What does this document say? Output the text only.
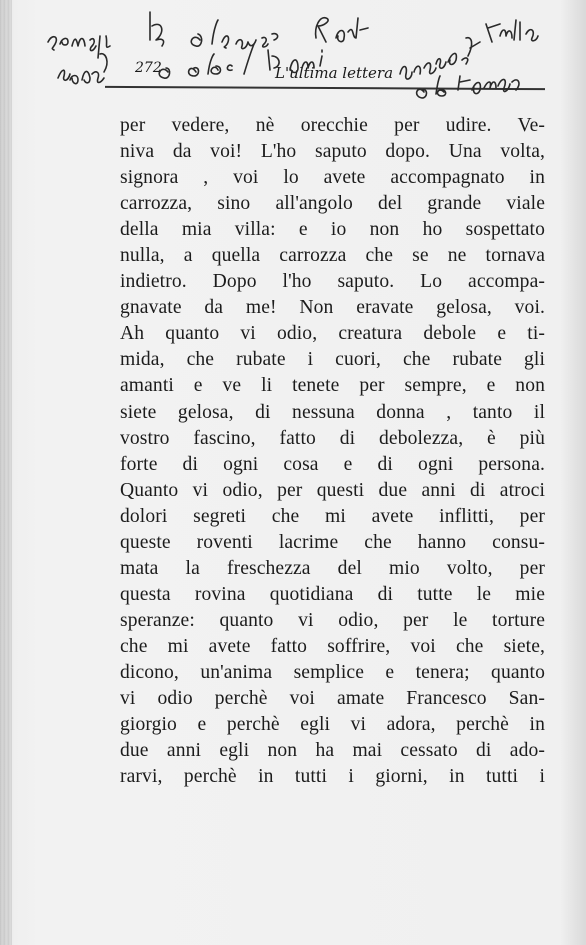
272	L'ultima lettera
per vedere, nè orecchie per udire. Ve-
niva da voi! L'ho saputo dopo. Una volta,
signora , voi lo avete accompagnato in
carrozza, sino all'angolo del grande viale
della mia villa: e io non ho sospettato
nulla, a quella carrozza che se ne tornava
indietro. Dopo l'ho saputo. Lo accompa-
gnavate da me! Non eravate gelosa, voi.
Ah quanto vi odio, creatura debole e ti-
mida, che rubate i cuori, che rubate gli
amanti e ve li tenete per sempre, e non
siete gelosa, di nessuna donna , tanto il
vostro fascino, fatto di debolezza, è più
forte di ogni cosa e di ogni persona.
Quanto vi odio, per questi due anni di atroci
dolori segreti che mi avete inflitti, per
queste roventi lacrime che hanno consu-
mata la freschezza del mio volto, per
questa rovina quotidiana di tutte le mie
speranze: quanto vi odio, per le torture
che mi avete fatto soffrire, voi che siete,
dicono, un'anima semplice e tenera; quanto
vi odio perchè voi amate Francesco San-
giorgio e perchè egli vi adora, perchè in
due anni egli non ha mai cessato di ado-
rarvi, perchè in tutti i giorni, in tutti i
